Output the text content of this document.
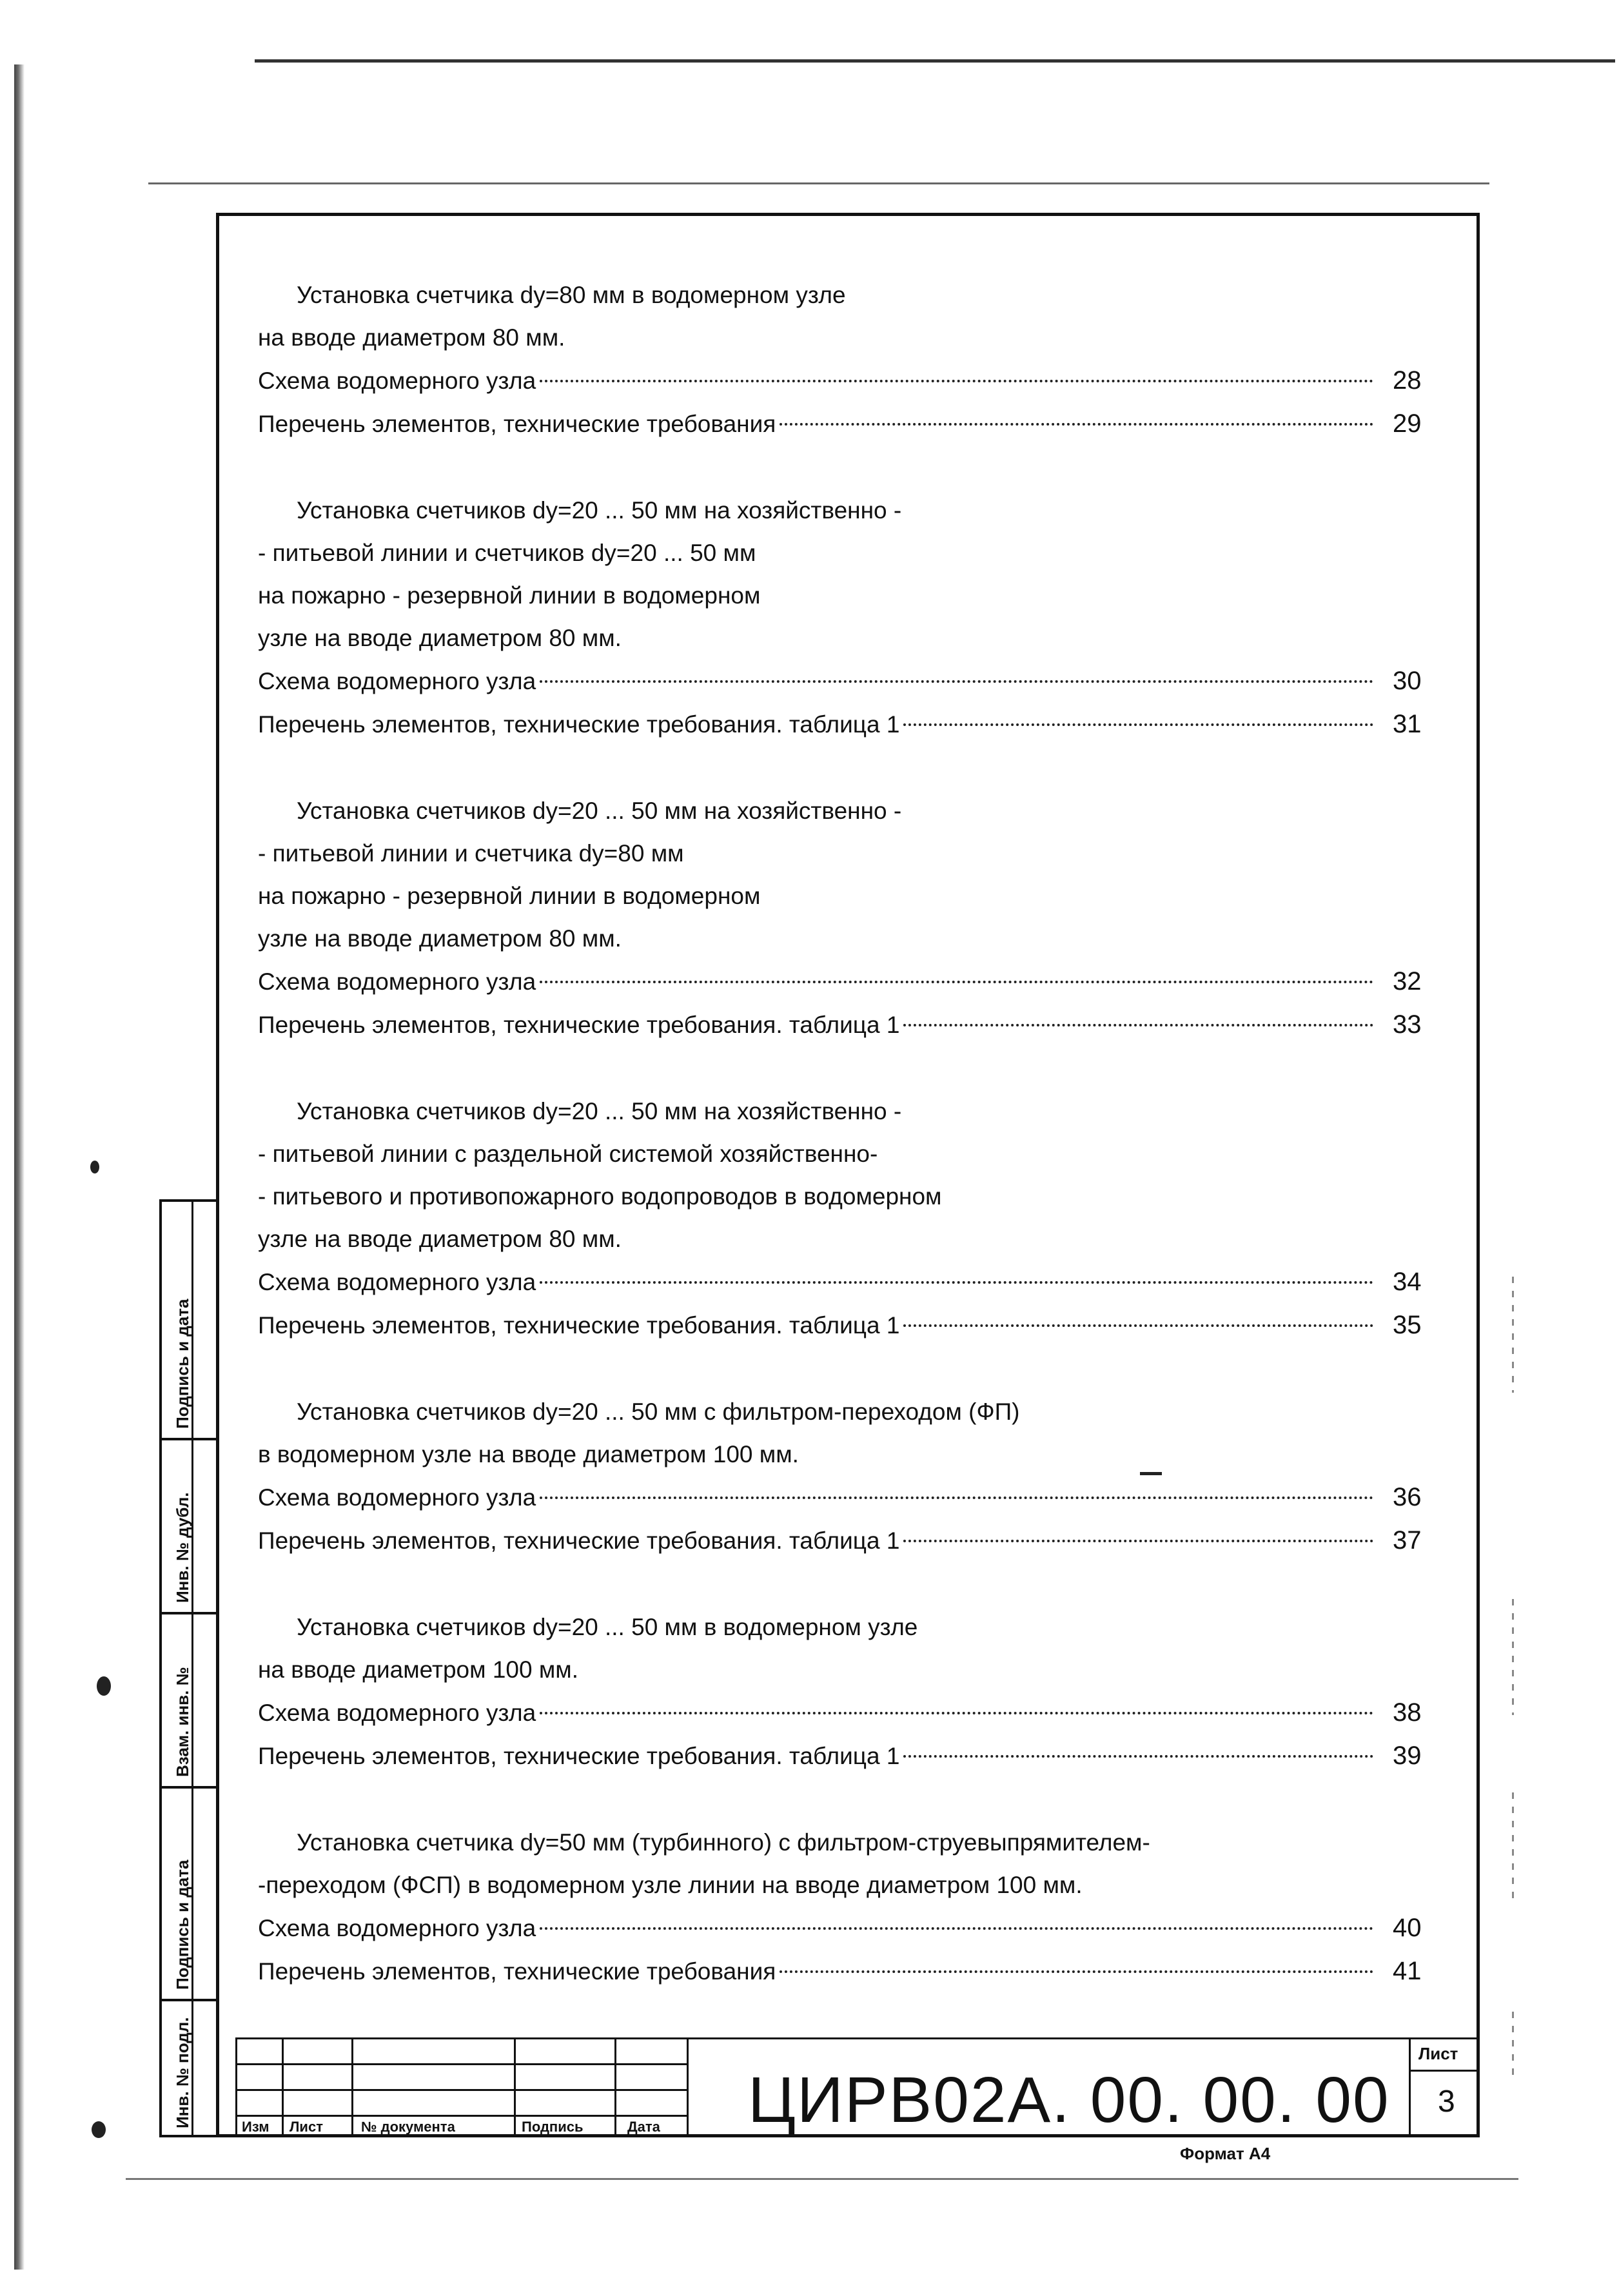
Подпись и дата
Инв. № дубл.
Взам. инв. №
Подпись и дата
Инв. № подл.
Установка счетчика dy=80 мм в водомерном узле
на вводе диаметром 80 мм.
Схема водомерного узла	28
Перечень элементов, технические требования	29
Установка счетчиков dy=20 ... 50 мм на хозяйственно -
- питьевой линии и счетчиков dy=20 ... 50 мм
на пожарно - резервной линии в водомерном
узле на вводе диаметром 80 мм.
Схема водомерного узла	30
Перечень элементов, технические требования. таблица 1	31
Установка счетчиков dy=20 ... 50 мм на хозяйственно -
- питьевой линии и счетчика dy=80 мм
на пожарно - резервной линии в водомерном
узле на вводе диаметром 80 мм.
Схема водомерного узла	32
Перечень элементов, технические требования. таблица 1	33
Установка счетчиков dy=20 ... 50 мм на хозяйственно -
- питьевой линии с раздельной системой хозяйственно-
- питьевого и противопожарного водопроводов в водомерном
узле на вводе диаметром 80 мм.
Схема водомерного узла	34
Перечень элементов, технические требования. таблица 1	35
Установка счетчиков dy=20 ... 50 мм с фильтром-переходом (ФП)
в водомерном узле на вводе диаметром 100 мм.
Схема водомерного узла	36
Перечень элементов, технические требования. таблица 1	37
Установка счетчиков dy=20 ... 50 мм в водомерном узле
на вводе диаметром 100 мм.
Схема водомерного узла	38
Перечень элементов, технические требования. таблица 1	39
Установка счетчика dy=50 мм (турбинного) с фильтром-струевыпрямителем-
-переходом (ФСП) в водомерном узле линии на вводе диаметром 100 мм.
Схема водомерного узла	40
Перечень элементов, технические требования	41
Изм Лист	№ документа	Подпись	Дата ЦИРВ02А. 00. 00. 00
Лист
3
Формат А4
